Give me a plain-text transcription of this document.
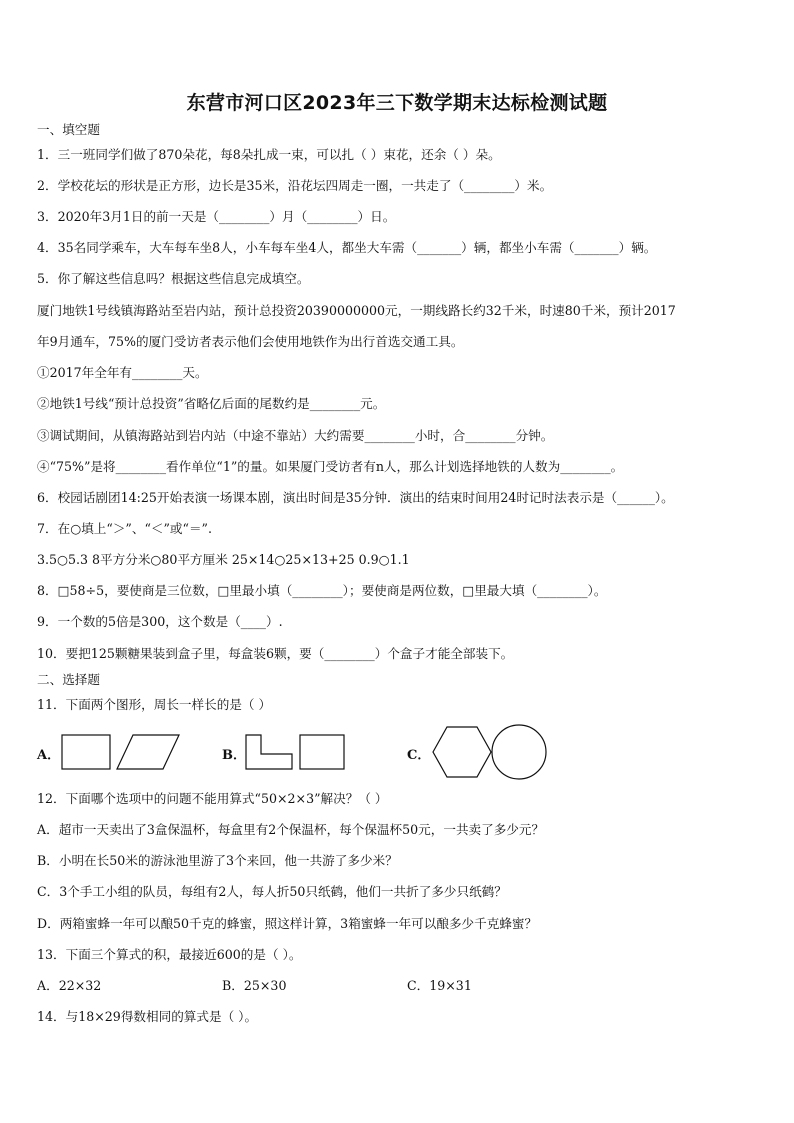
东营市河口区2023年三下数学期末达标检测试题
一、填空题
1．三一班同学们做了870朵花，每8朵扎成一束，可以扎（ ）束花，还余（ ）朵。
2．学校花坛的形状是正方形，边长是35米，沿花坛四周走一圈，一共走了（________）米。
3．2020年3月1日的前一天是（________）月（________）日。
4．35名同学乘车，大车每车坐8人，小车每车坐4人，都坐大车需（_______）辆，都坐小车需（_______）辆。
5．你了解这些信息吗？根据这些信息完成填空。
厦门地铁1号线镇海路站至岩内站，预计总投资20390000000元，一期线路长约32千米，时速80千米，预计2017
年9月通车，75%的厦门受访者表示他们会使用地铁作为出行首选交通工具。
①2017年全年有________天。
②地铁1号线“预计总投资”省略亿后面的尾数约是________元。
③调试期间，从镇海路站到岩内站（中途不靠站）大约需要________小时，合________分钟。
④“75%”是将________看作单位“1”的量。如果厦门受访者有n人，那么计划选择地铁的人数为________。
6．校园话剧团14:25开始表演一场课本剧，演出时间是35分钟．演出的结束时间用24时记时法表示是（______）。
7．在○填上“＞”、“＜”或“＝”.
3.5○5.3 8平方分米○80平方厘米 25×14○25×13+25 0.9○1.1
8．□58÷5，要使商是三位数，□里最小填（________）；要使商是两位数，□里最大填（________）。
9．一个数的5倍是300，这个数是（____）.
10．要把125颗糖果装到盒子里，每盒装6颗，要（________）个盒子才能全部装下。
二、选择题
11．下面两个图形，周长一样长的是（ ）
A．	B．	C．
12．下面哪个选项中的问题不能用算式“50×2×3”解决？（ ）
A．超市一天卖出了3盒保温杯，每盒里有2个保温杯，每个保温杯50元，一共卖了多少元？
B．小明在长50米的游泳池里游了3个来回，他一共游了多少米？
C．3个手工小组的队员，每组有2人，每人折50只纸鹤，他们一共折了多少只纸鹤？
D．两箱蜜蜂一年可以酿50千克的蜂蜜，照这样计算，3箱蜜蜂一年可以酿多少千克蜂蜜？
13．下面三个算式的积，最接近600的是（ ）。
A．22×32	B．25×30	C．19×31
14．与18×29得数相同的算式是（ ）。
